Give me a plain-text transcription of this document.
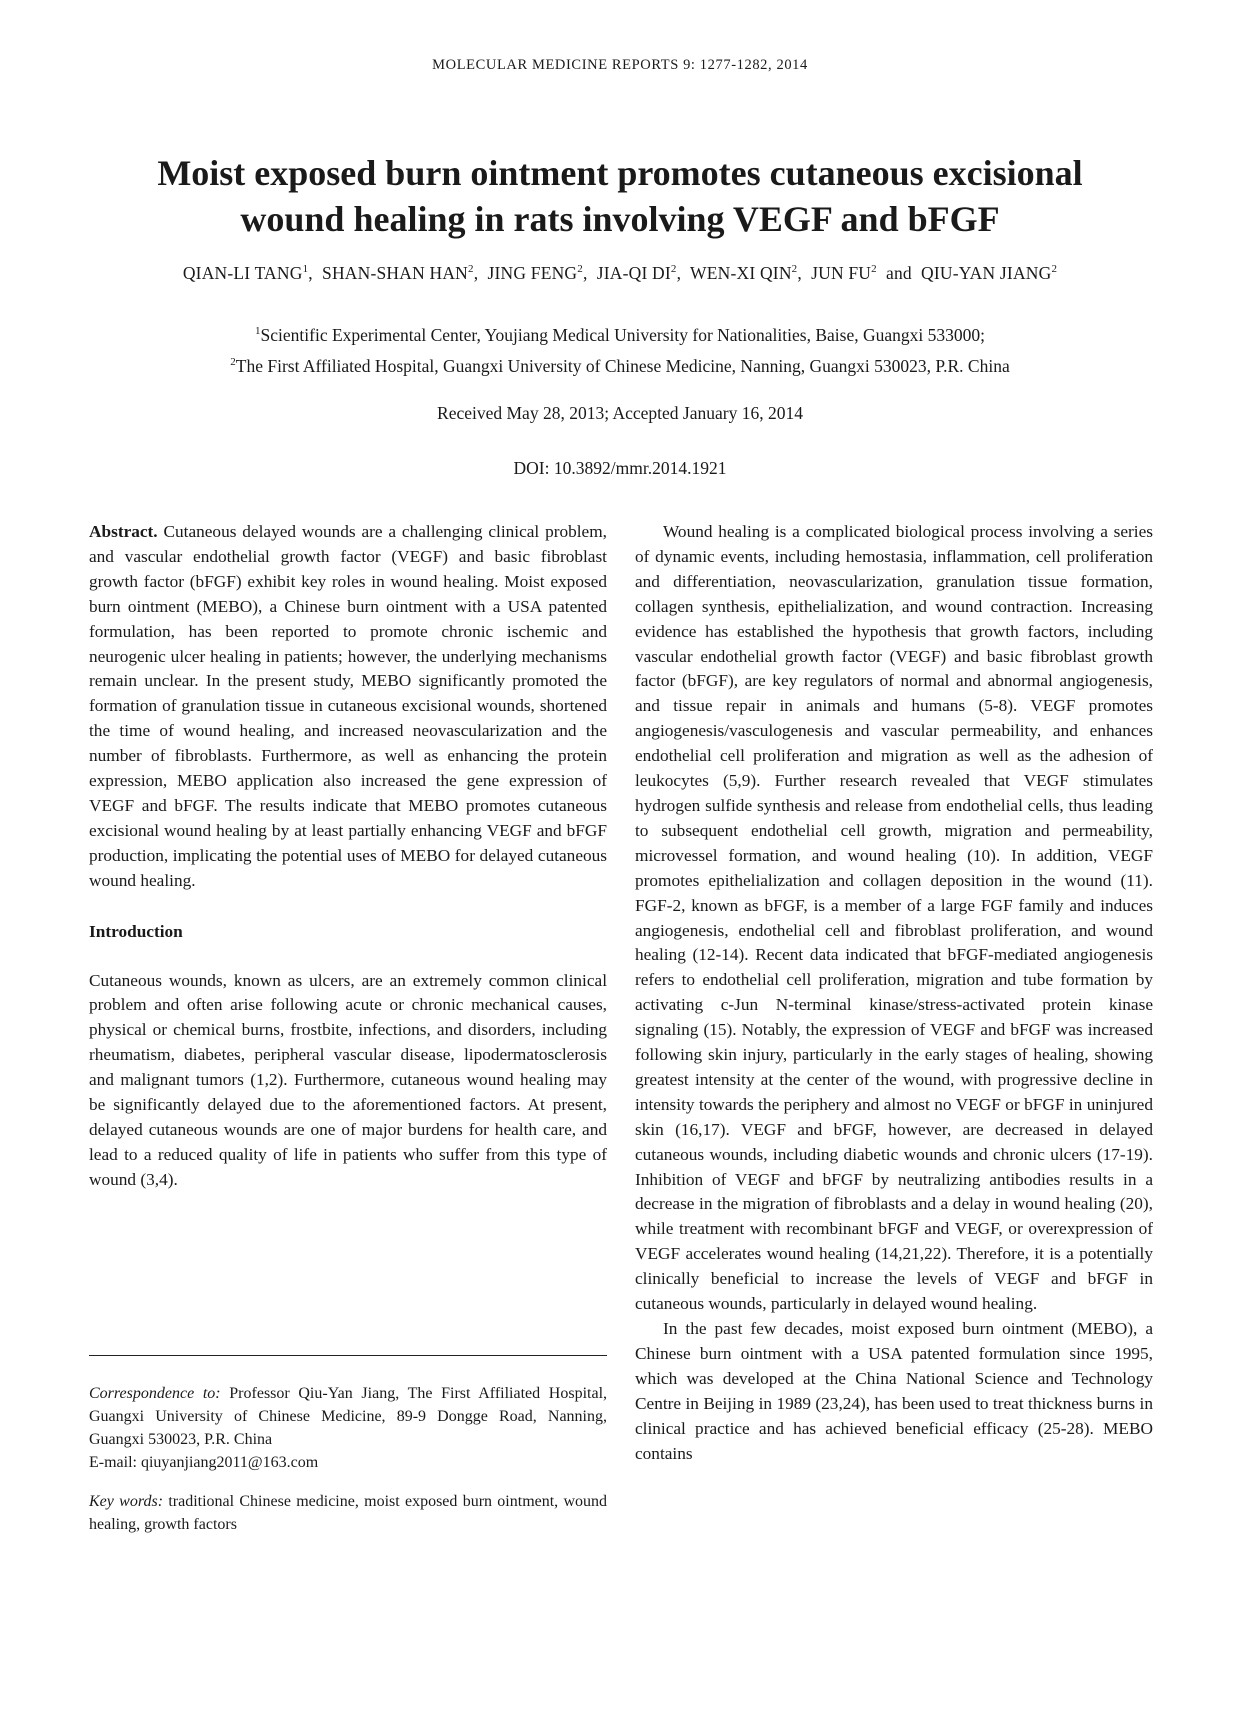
MOLECULAR MEDICINE REPORTS 9: 1277-1282, 2014
Moist exposed burn ointment promotes cutaneous excisional
wound healing in rats involving VEGF and bFGF
QIAN-LI TANG$^1$,  SHAN-SHAN HAN$^2$,  JING FENG$^2$,  JIA-QI $DI^2$,  WEN-XI QIN$^2$,  JUN $FU^2$  and  QIU-YAN JIANG$^2$
$^1$Scientific Experimental Center, Youjiang Medical University for Nationalities, Baise, Guangxi 533000;
$^2$The First Affiliated Hospital, Guangxi University of Chinese Medicine, Nanning, Guangxi 530023, P.R. China
Received May 28, 2013; Accepted January 16, 2014
DOI: 10.3892/mmr.2014.1921

Abstract. Cutaneous delayed wounds are a challenging clinical problem, and vascular endothelial growth factor (VEGF) and basic fibroblast growth factor (bFGF) exhibit key roles in wound healing. Moist exposed burn ointment (MEBO), a Chinese burn ointment with a USA patented formulation, has been reported to promote chronic ischemic and neurogenic ulcer healing in patients; however, the underlying mechanisms remain unclear. In the present study, MEBO significantly promoted the formation of granulation tissue in cutaneous excisional wounds, shortened the time of wound healing, and increased neovascularization and the number of fibroblasts. Furthermore, as well as enhancing the protein expression, MEBO application also increased the gene expression of VEGF and bFGF. The results indicate that MEBO promotes cutaneous excisional wound healing by at least partially enhancing VEGF and bFGF production, implicating the potential uses of MEBO for delayed cutaneous wound healing.

Introduction

Cutaneous wounds, known as ulcers, are an extremely common clinical problem and often arise following acute or chronic mechanical causes, physical or chemical burns, frostbite, infections, and disorders, including rheumatism, diabetes, peripheral vascular disease, lipodermatosclerosis and malignant tumors (1,2). Furthermore, cutaneous wound healing may be significantly delayed due to the aforementioned factors. At present, delayed cutaneous wounds are one of major burdens for health care, and lead to a reduced quality of life in patients who suffer from this type of wound (3,4).

Correspondence to: Professor Qiu-Yan Jiang, The First Affiliated Hospital, Guangxi University of Chinese Medicine, 89-9 Dongge Road, Nanning, Guangxi 530023, P.R. China

E-mail: qiuyanjiang2011@163.com

Key words: traditional Chinese medicine, moist exposed burn ointment, wound healing, growth factors

Wound healing is a complicated biological process involving a series of dynamic events, including hemostasia, inflammation, cell proliferation and differentiation, neovascularization, granulation tissue formation, collagen synthesis, epithelialization, and wound contraction. Increasing evidence has established the hypothesis that growth factors, including vascular endothelial growth factor (VEGF) and basic fibroblast growth factor (bFGF), are key regulators of normal and abnormal angiogenesis, and tissue repair in animals and humans (5-8). VEGF promotes angiogenesis/vasculogenesis and vascular permeability, and enhances endothelial cell proliferation and migration as well as the adhesion of leukocytes (5,9). Further research revealed that VEGF stimulates hydrogen sulfide synthesis and release from endothelial cells, thus leading to subsequent endothelial cell growth, migration and permeability, microvessel formation, and wound healing (10). In addition, VEGF promotes epithelialization and collagen deposition in the wound (11). FGF-2, known as bFGF, is a member of a large FGF family and induces angiogenesis, endothelial cell and fibroblast proliferation, and wound healing (12-14). Recent data indicated that bFGF-mediated angiogenesis refers to endothelial cell proliferation, migration and tube formation by activating c-Jun N-terminal kinase/stress-activated protein kinase signaling (15). Notably, the expression of VEGF and bFGF was increased following skin injury, particularly in the early stages of healing, showing greatest intensity at the center of the wound, with progressive decline in intensity towards the periphery and almost no VEGF or bFGF in uninjured skin (16,17). VEGF and bFGF, however, are decreased in delayed cutaneous wounds, including diabetic wounds and chronic ulcers (17-19). Inhibition of VEGF and bFGF by neutralizing antibodies results in a decrease in the migration of fibroblasts and a delay in wound healing (20), while treatment with recombinant bFGF and VEGF, or overexpression of VEGF accelerates wound healing (14,21,22). Therefore, it is a potentially clinically beneficial to increase the levels of VEGF and bFGF in cutaneous wounds, particularly in delayed wound healing.

In the past few decades, moist exposed burn ointment (MEBO), a Chinese burn ointment with a USA patented formulation since 1995, which was developed at the China National Science and Technology Centre in Beijing in 1989 (23,24), has been used to treat thickness burns in clinical practice and has achieved beneficial efficacy (25-28). MEBO contains
